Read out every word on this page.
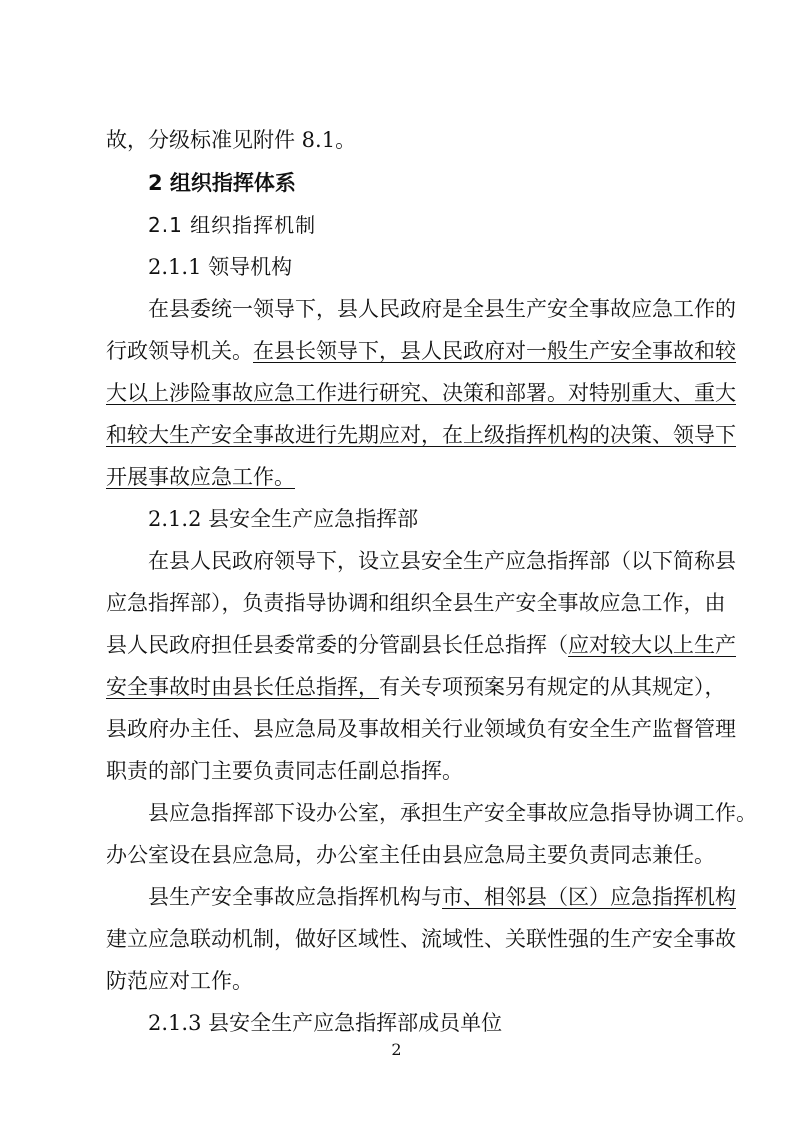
故，分级标准见附件 8.1。
2 组织指挥体系
2.1 组织指挥机制
2.1.1 领导机构
在县委统一领导下，县人民政府是全县生产安全事故应急工作的
行政领导机关。在县长领导下，县人民政府对一般生产安全事故和较
大以上涉险事故应急工作进行研究、决策和部署。对特别重大、重大
和较大生产安全事故进行先期应对，在上级指挥机构的决策、领导下
开展事故应急工作。
2.1.2 县安全生产应急指挥部
在县人民政府领导下，设立县安全生产应急指挥部（以下简称县
应急指挥部），负责指导协调和组织全县生产安全事故应急工作，由
县人民政府担任县委常委的分管副县长任总指挥（应对较大以上生产
安全事故时由县长任总指挥，有关专项预案另有规定的从其规定），
县政府办主任、县应急局及事故相关行业领域负有安全生产监督管理
职责的部门主要负责同志任副总指挥。
县应急指挥部下设办公室，承担生产安全事故应急指导协调工作。
办公室设在县应急局，办公室主任由县应急局主要负责同志兼任。
县生产安全事故应急指挥机构与市、相邻县（区）应急指挥机构
建立应急联动机制，做好区域性、流域性、关联性强的生产安全事故
防范应对工作。
2.1.3 县安全生产应急指挥部成员单位
2
